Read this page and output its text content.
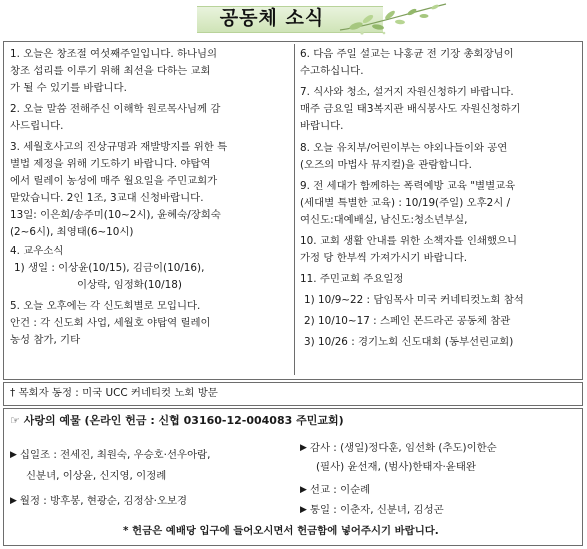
공동체 소식
1. 오늘은 창조절 여섯째주일입니다. 하나님의
창조 섭리를 이루기 위해 최선을 다하는 교회
가 될 수 있기를 바랍니다.
2. 오늘 말씀 전해주신 이해학 원로목사님께 감
사드립니다.
3. 세월호사고의 진상규명과 재발방지를 위한 특
별법 제정을 위해 기도하기 바랍니다. 야탑역
에서 릴레이 농성에 매주 월요일을 주민교회가
맡았습니다. 2인 1조, 3교대 신청바랍니다.
13일: 이은희/송주미(10~2시), 윤혜숙/장희숙
(2~6시), 최영태(6~10시)
4. 교우소식
1) 생일 : 이상윤(10/15), 김금이(10/16),
이상락, 임정화(10/18)
5. 오늘 오후에는 각 신도회별로 모입니다.
안건 : 각 신도회 사업, 세월호 야탑역 릴레이
농성 참가, 기타
6. 다음 주일 설교는 나홍균 전 기장 총회장님이
수고하십니다.
7. 식사와 청소, 설거지 자원신청하기 바랍니다.
매주 금요일 태3복지관 배식봉사도 자원신청하기
바랍니다.
8. 오늘 유치부/어린이부는 야외나들이와 공연
(오즈의 마법사 뮤지컬)을 관람합니다.
9. 전 세대가 함께하는 폭력예방 교육 "별별교육
(세대별 특별한 교육) : 10/19(주일) 오후2시 /
여신도:대예배실, 남신도:청소년부실,
10. 교회 생활 안내를 위한 소책자를 인쇄했으니
가정 당 한부씩 가져가시기 바랍니다.
11. 주민교회 주요일정
1) 10/9~22 : 담임목사 미국 커네티컷노회 참석
2) 10/10~17 : 스페인 몬드라곤 공동체 참관
3) 10/26 : 경기노회 신도대회 (동부선린교회)
† 목회자 동정 : 미국 UCC 커네티컷 노회 방문
☞ 사랑의 예물 (온라인 헌금 : 신협 03160-12-004083 주민교회)
▶ 십일조 : 전세진, 최원숙, 우승호·선우아람,
신분녀, 이상윤, 신지영, 이정례
▶ 월정 : 방후봉, 현광순, 김정삼·오보경
▶ 감사 : (생일)정다훈, 임선화 (추도)이한순
(필사) 윤선재, (범사)한태자·윤태완
▶ 선교 : 이순례
▶ 통일 : 이춘자, 신분녀, 김성곤
* 헌금은 예배당 입구에 들어오시면서 헌금함에 넣어주시기 바랍니다.
